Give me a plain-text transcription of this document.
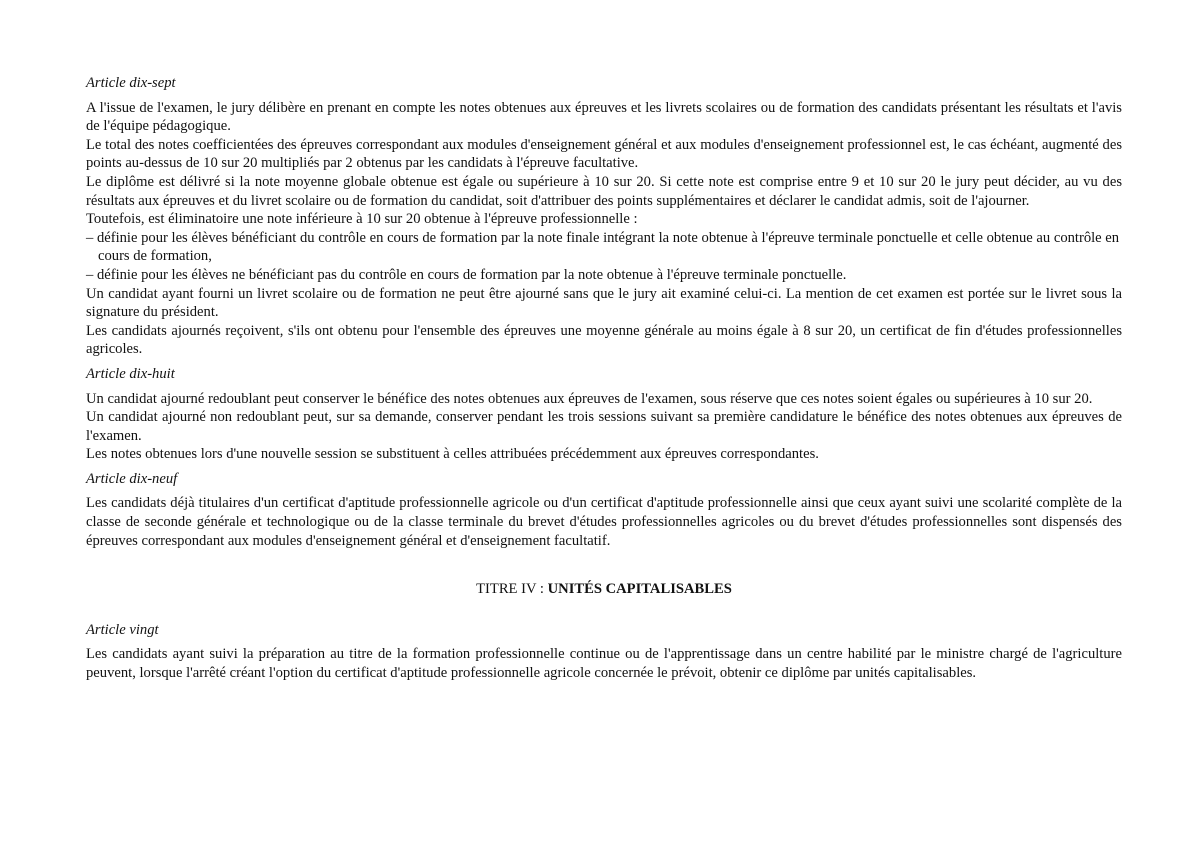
Article dix-sept

A l'issue de l'examen, le jury délibère en prenant en compte les notes obtenues aux épreuves et les livrets scolaires ou de formation des candidats présentant les résultats et l'avis de l'équipe pédagogique.

Le total des notes coefficientées des épreuves correspondant aux modules d'enseignement général et aux modules d'enseignement professionnel est, le cas échéant, augmenté des points au-dessus de 10 sur 20 multipliés par 2 obtenus par les candidats à l'épreuve facultative.

Le diplôme est délivré si la note moyenne globale obtenue est égale ou supérieure à 10 sur 20. Si cette note est comprise entre 9 et 10 sur 20 le jury peut décider, au vu des résultats aux épreuves et du livret scolaire ou de formation du candidat, soit d'attribuer des points supplémentaires et déclarer le candidat admis, soit de l'ajourner.

Toutefois, est éliminatoire une note inférieure à 10 sur 20 obtenue à l'épreuve professionnelle :

– définie pour les élèves bénéficiant du contrôle en cours de formation par la note finale intégrant la note obtenue à l'épreuve terminale ponctuelle et celle obtenue au contrôle en cours de formation,

– définie pour les élèves ne bénéficiant pas du contrôle en cours de formation par la note obtenue à l'épreuve terminale ponctuelle.

Un candidat ayant fourni un livret scolaire ou de formation ne peut être ajourné sans que le jury ait examiné celui-ci. La mention de cet examen est portée sur le livret sous la signature du président.

Les candidats ajournés reçoivent, s'ils ont obtenu pour l'ensemble des épreuves une moyenne générale au moins égale à 8 sur 20, un certificat de fin d'études professionnelles agricoles.

Article dix-huit

Un candidat ajourné redoublant peut conserver le bénéfice des notes obtenues aux épreuves de l'examen, sous réserve que ces notes soient égales ou supérieures à 10 sur 20.

Un candidat ajourné non redoublant peut, sur sa demande, conserver pendant les trois sessions suivant sa première candidature le bénéfice des notes obtenues aux épreuves de l'examen.

Les notes obtenues lors d'une nouvelle session se substituent à celles attribuées précédemment aux épreuves correspondantes.

Article dix-neuf

Les candidats déjà titulaires d'un certificat d'aptitude professionnelle agricole ou d'un certificat d'aptitude professionnelle ainsi que ceux ayant suivi une scolarité complète de la classe de seconde générale et technologique ou de la classe terminale du brevet d'études professionnelles agricoles ou du brevet d'études professionnelles sont dispensés des épreuves correspondant aux modules d'enseignement général et d'enseignement facultatif.

TITRE IV : UNITÉS CAPITALISABLES

Article vingt

Les candidats ayant suivi la préparation au titre de la formation professionnelle continue ou de l'apprentissage dans un centre habilité par le ministre chargé de l'agriculture peuvent, lorsque l'arrêté créant l'option du certificat d'aptitude professionnelle agricole concernée le prévoit, obtenir ce diplôme par unités capitalisables.
